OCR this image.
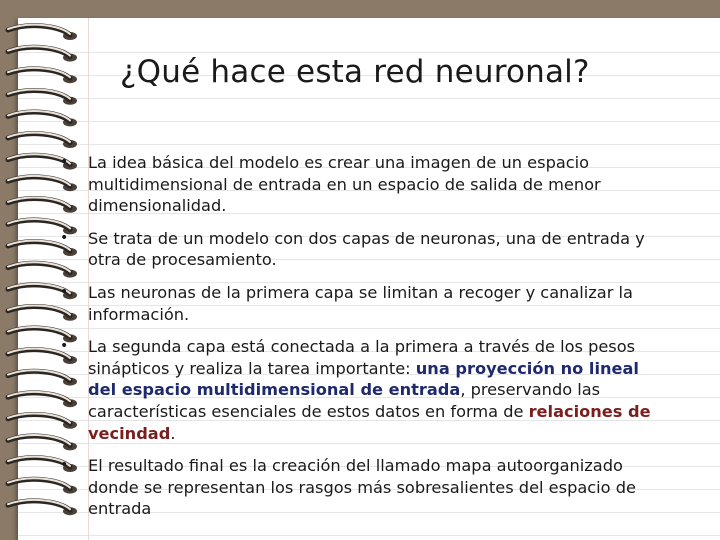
¿Qué hace esta red neuronal?
• La idea básica del modelo es crear una imagen de un espacio multidimensional de entrada en un espacio de salida de menor dimensionalidad.
• Se trata de un modelo con dos capas de neuronas, una de entrada y otra de procesamiento.
• Las neuronas de la primera capa se limitan a recoger y canalizar la información.
• La segunda capa está conectada a la primera a través de los pesos sinápticos y realiza la tarea importante: una proyección no lineal del espacio multidimensional de entrada, preservando las características esenciales de estos datos en forma de relaciones de vecindad.
• El resultado final es la creación del llamado mapa autoorganizado donde se representan los rasgos más sobresalientes del espacio de entrada
